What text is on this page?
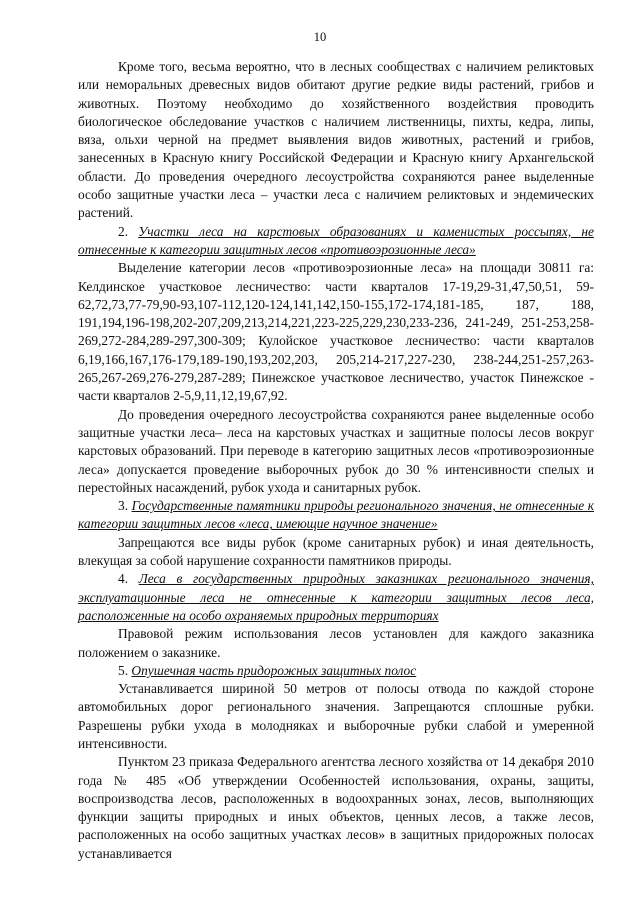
10

Кроме того, весьма вероятно, что в лесных сообществах с наличием реликтовых или неморальных древесных видов обитают другие редкие виды растений, грибов и животных. Поэтому необходимо до хозяйственного воздействия проводить биологическое обследование участков с наличием лиственницы, пихты, кедра, липы, вяза, ольхи черной на предмет выявления видов животных, растений и грибов, занесенных в Красную книгу Российской Федерации и Красную книгу Архангельской области. До проведения очередного лесоустройства сохраняются ранее выделенные особо защитные участки леса – участки леса с наличием реликтовых и эндемических растений.

2. Участки леса на карстовых образованиях и каменистых россыпях, не отнесенные к категории защитных лесов «противоэрозионные леса»

Выделение категории лесов «противоэрозионные леса» на площади 30811 га: Келдинское участковое лесничество: части кварталов 17-19,29-31,47,50,51, 59-62,72,73,77-79,90-93,107-112,120-124,141,142,150-155,172-174,181-185, 187, 188, 191,194,196-198,202-207,209,213,214,221,223-225,229,230,233-236, 241-249, 251-253,258-269,272-284,289-297,300-309; Кулойское участковое лесничество: части кварталов 6,19,166,167,176-179,189-190,193,202,203, 205,214-217,227-230, 238-244,251-257,263-265,267-269,276-279,287-289; Пинежское участковое лесничество, участок Пинежское - части кварталов 2-5,9,11,12,19,67,92.

До проведения очередного лесоустройства сохраняются ранее выделенные особо защитные участки леса– леса на карстовых участках и защитные полосы лесов вокруг карстовых образований. При переводе в категорию защитных лесов «противоэрозионные леса» допускается проведение выборочных рубок до 30 % интенсивности спелых и перестойных насаждений, рубок ухода и санитарных рубок.

3. Государственные памятники природы регионального значения, не отнесенные к категории защитных лесов «леса, имеющие научное значение»

Запрещаются все виды рубок (кроме санитарных рубок) и иная деятельность, влекущая за собой нарушение сохранности памятников природы.

4. Леса в государственных природных заказниках регионального значения, эксплуатационные леса не отнесенные к категории защитных лесов леса, расположенные на особо охраняемых природных территориях

Правовой режим использования лесов установлен для каждого заказника положением о заказнике.

5. Опушечная часть придорожных защитных полос

Устанавливается шириной 50 метров от полосы отвода по каждой стороне автомобильных дорог регионального значения. Запрещаются сплошные рубки. Разрешены рубки ухода в молодняках и выборочные рубки слабой и умеренной интенсивности.

Пунктом 23 приказа Федерального агентства лесного хозяйства от 14 декабря 2010 года № 485 «Об утверждении Особенностей использования, охраны, защиты, воспроизводства лесов, расположенных в водоохранных зонах, лесов, выполняющих функции защиты природных и иных объектов, ценных лесов, а также лесов, расположенных на особо защитных участках лесов» в защитных придорожных полосах устанавливается
